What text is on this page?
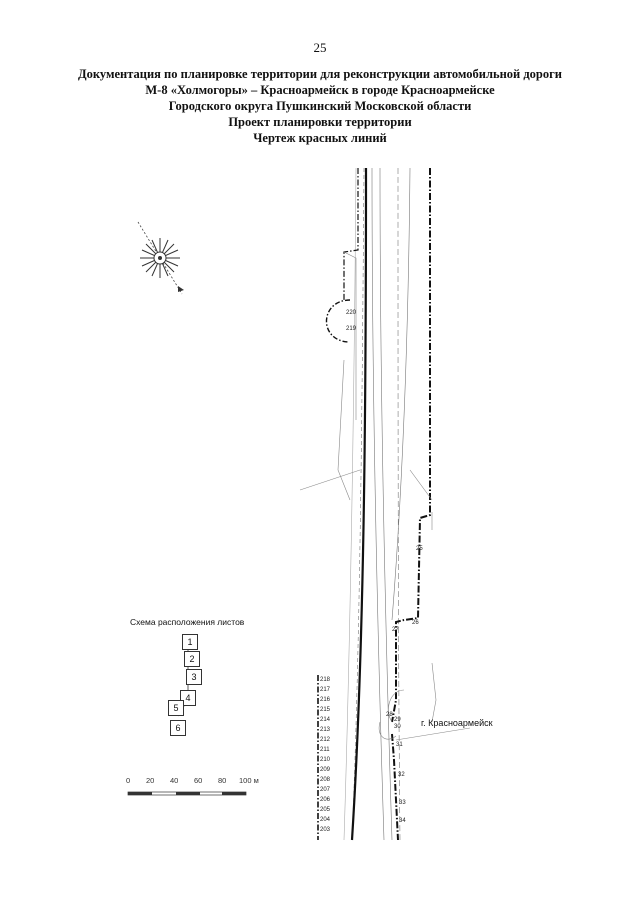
25
Документация по планировке территории для реконструкции автомобильной дороги
М-8 «Холмогоры» – Красноармейск в городе Красноармейске
Городского округа Пушкинский Московской области
Проект планировки территории
Чертеж красных линий
Схема расположения листов
1
2
3
4
5
6
0 20 40 60 80 100 м
г. Красноармейск
220
219
25
26
27
28
29
30
31
32
33
34
218
217
216
215
214
213
212
211
210
209
208
207
206
205
204
203
